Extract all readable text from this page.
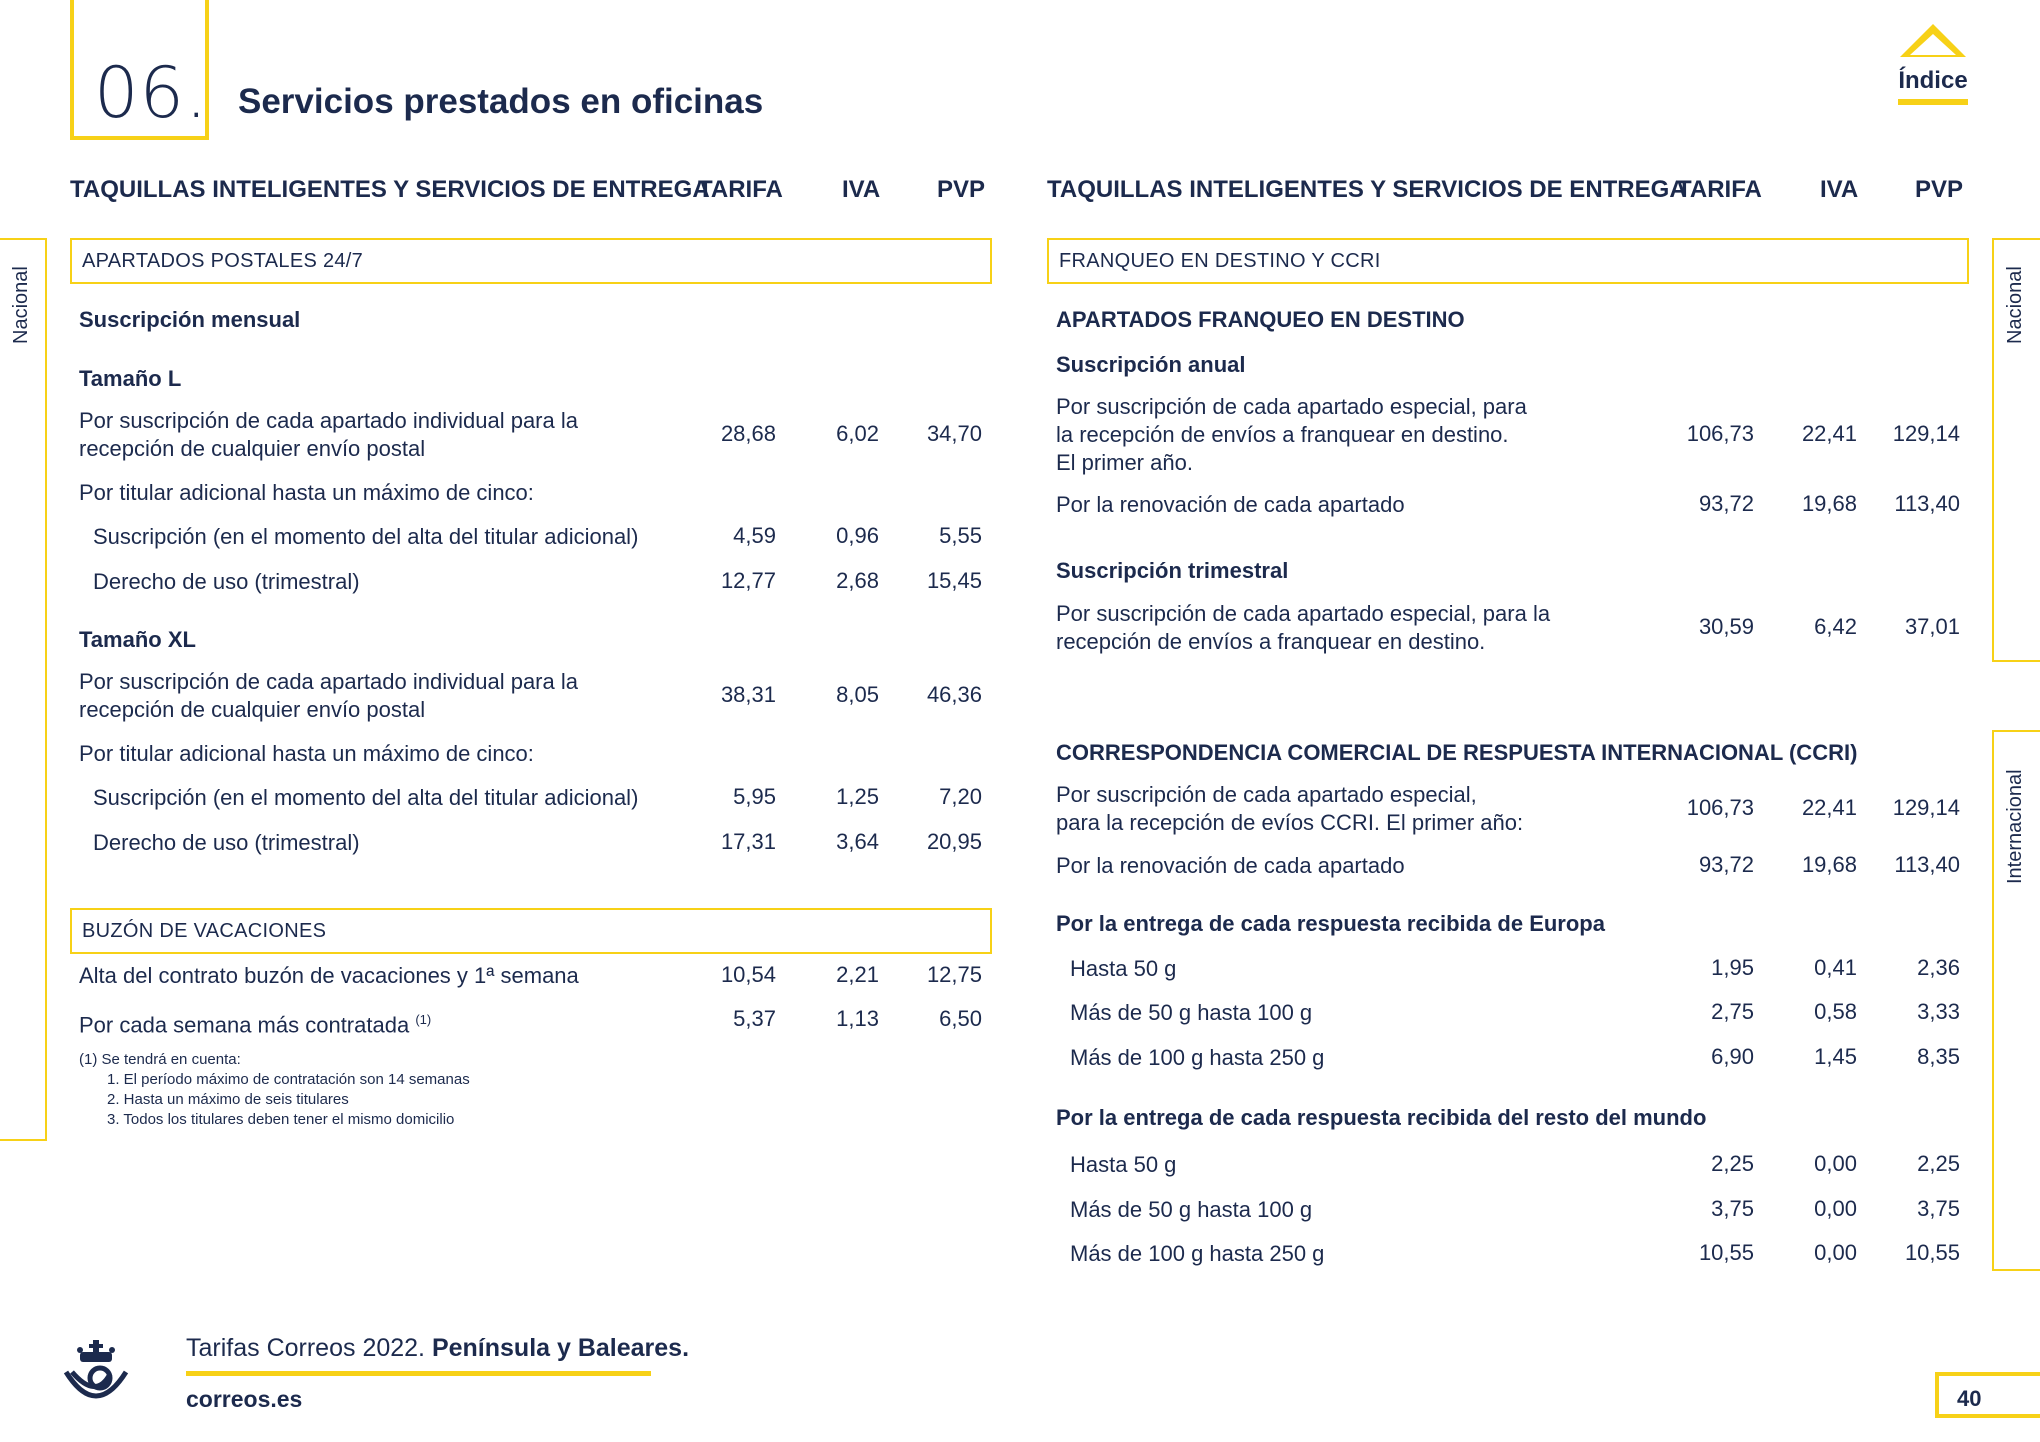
06. Servicios prestados en oficinas
Índice
Nacional	Nacional
Internacional
TAQUILLAS INTELIGENTES Y SERVICIOS DE ENTREGA
TARIFA IVA PVP	TAQUILLAS INTELIGENTES Y SERVICIOS DE ENTREGA
TARIFA IVA PVP
APARTADOS POSTALES 24/7
Suscripción mensual
Tamaño L
Por suscripción de cada apartado individual para la
recepción de cualquier envío postal
28,68	6,02	34,70
Por titular adicional hasta un máximo de cinco:
Suscripción (en el momento del alta del titular adicional)	4,59	0,96	5,55
Derecho de uso (trimestral)	12,77	2,68	15,45
Por suscripción de cada apartado individual para la
recepción de cualquier envío postal
38,31	8,05	46,36
Por titular adicional hasta un máximo de cinco:
Suscripción (en el momento del alta del titular adicional)	5,95	1,25	7,20
Derecho de uso (trimestral)	17,31	3,64	20,95
Alta del contrato buzón de vacaciones y 1ª semana	10,54	2,21	12,75
Por cada semana más contratada $^{(1)}$	5,37	1,13	6,50
Tamaño XL
BUZÓN DE VACACIONES
(1) Se tendrá en cuenta:
1. El período máximo de contratación son 14 semanas
2. Hasta un máximo de seis titulares
3. Todos los titulares deben tener el mismo domicilio
FRANQUEO EN DESTINO Y CCRI
APARTADOS FRANQUEO EN DESTINO
Suscripción anual
Suscripción trimestral
CORRESPONDENCIA COMERCIAL DE RESPUESTA INTERNACIONAL (CCRI)
Por la entrega de cada respuesta recibida de Europa
Por la entrega de cada respuesta recibida del resto del mundo
Por suscripción de cada apartado especial, para
la recepción de envíos a franquear en destino.
El primer año.
106,73	22,41	129,14
Por la renovación de cada apartado	93,72	19,68	113,40
Por suscripción de cada apartado especial, para la
recepción de envíos a franquear en destino.
30,59	6,42	37,01
Por suscripción de cada apartado especial,
para la recepción de evíos CCRI. El primer año:
106,73	22,41	129,14
Por la renovación de cada apartado	93,72	19,68	113,40
Hasta 50 g	1,95	0,41	2,36
Más de 50 g hasta 100 g	2,75	0,58	3,33
Más de 100 g hasta 250 g	6,90	1,45	8,35
Hasta 50 g	2,25	0,00	2,25
Más de 50 g hasta 100 g	3,75	0,00	3,75
Más de 100 g hasta 250 g	10,55	0,00	10,55
Tarifas Correos 2022. Península y Baleares.
correos.es	40
